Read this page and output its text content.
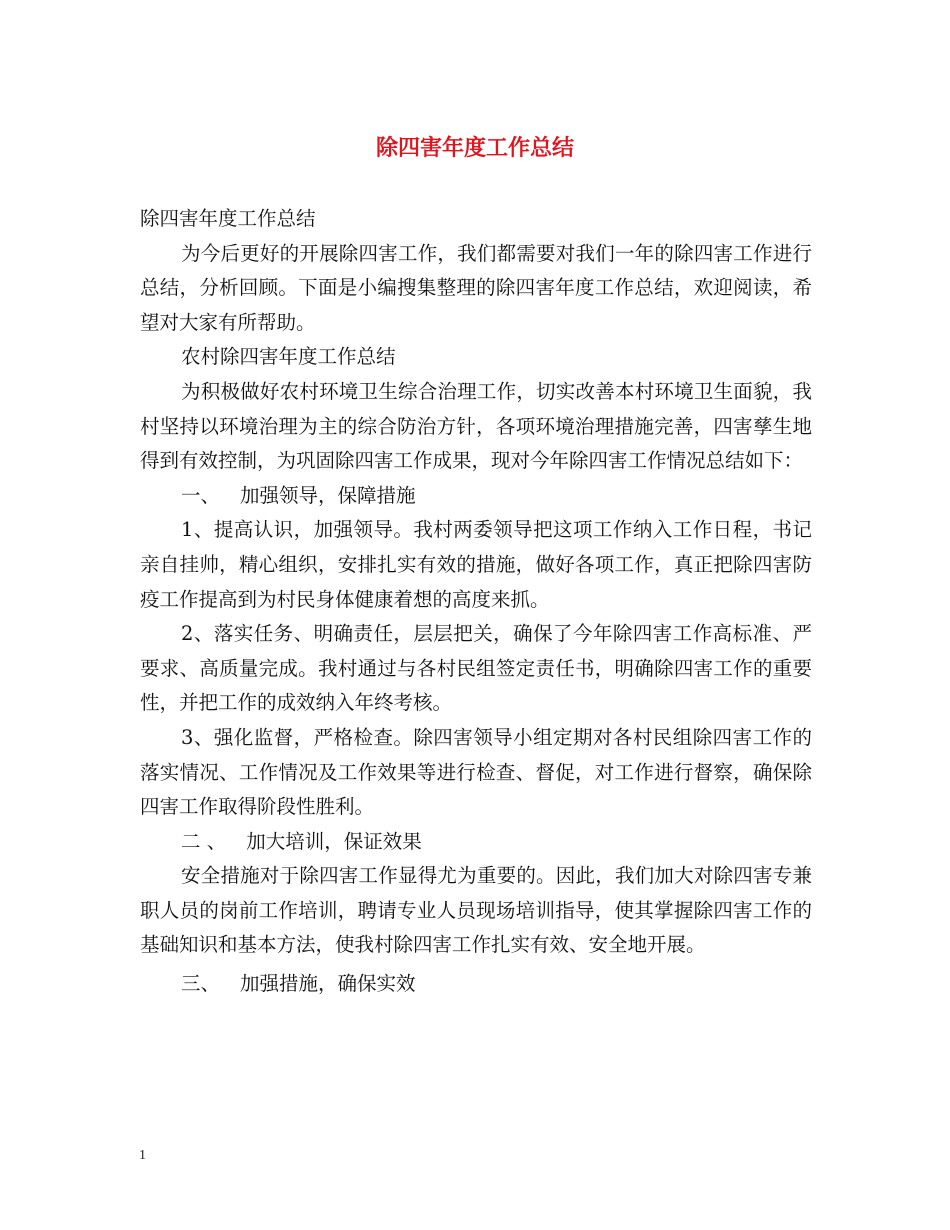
除四害年度工作总结

除四害年度工作总结

为今后更好的开展除四害工作，我们都需要对我们一年的除四害工作进行总结，分析回顾。下面是小编搜集整理的除四害年度工作总结，欢迎阅读，希望对大家有所帮助。

农村除四害年度工作总结

为积极做好农村环境卫生综合治理工作，切实改善本村环境卫生面貌，我村坚持以环境治理为主的综合防治方针，各项环境治理措施完善，四害孳生地得到有效控制，为巩固除四害工作成果，现对今年除四害工作情况总结如下：

一、 加强领导，保障措施

1、提高认识，加强领导。我村两委领导把这项工作纳入工作日程，书记亲自挂帅，精心组织，安排扎实有效的措施，做好各项工作，真正把除四害防疫工作提高到为村民身体健康着想的高度来抓。

2、落实任务、明确责任，层层把关，确保了今年除四害工作高标准、严要求、高质量完成。我村通过与各村民组签定责任书，明确除四害工作的重要性，并把工作的成效纳入年终考核。

3、强化监督，严格检查。除四害领导小组定期对各村民组除四害工作的落实情况、工作情况及工作效果等进行检查、督促，对工作进行督察，确保除四害工作取得阶段性胜利。

二 、 加大培训，保证效果

安全措施对于除四害工作显得尤为重要的。因此，我们加大对除四害专兼职人员的岗前工作培训，聘请专业人员现场培训指导，使其掌握除四害工作的基础知识和基本方法，使我村除四害工作扎实有效、安全地开展。

三、 加强措施，确保实效

1
